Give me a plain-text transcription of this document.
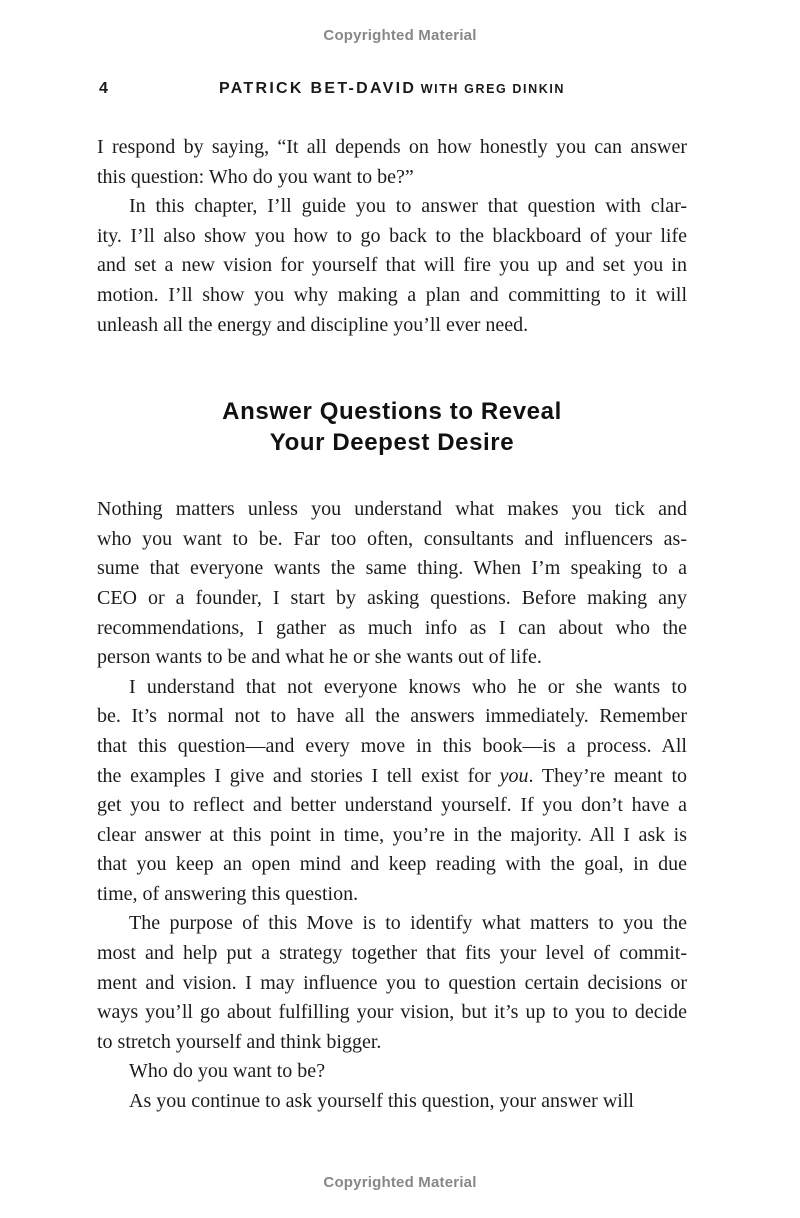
Copyrighted Material
4	PATRICK BET-DAVID WITH GREG DINKIN
I respond by saying, “It all depends on how honestly you can answer
this question: Who do you want to be?”
In this chapter, I’ll guide you to answer that question with clar-
ity. I’ll also show you how to go back to the blackboard of your life
and set a new vision for yourself that will fire you up and set you in
motion. I’ll show you why making a plan and committing to it will
unleash all the energy and discipline you’ll ever need.
Answer Questions to Reveal
Your Deepest Desire
Nothing matters unless you understand what makes you tick and
who you want to be. Far too often, consultants and influencers as-
sume that everyone wants the same thing. When I’m speaking to a
CEO or a founder, I start by asking questions. Before making any
recommendations, I gather as much info as I can about who the
person wants to be and what he or she wants out of life.
I understand that not everyone knows who he or she wants to
be. It’s normal not to have all the answers immediately. Remember
that this question—and every move in this book—is a process. All
the examples I give and stories I tell exist for you. They’re meant to
get you to reflect and better understand yourself. If you don’t have a
clear answer at this point in time, you’re in the majority. All I ask is
that you keep an open mind and keep reading with the goal, in due
time, of answering this question.
The purpose of this Move is to identify what matters to you the
most and help put a strategy together that fits your level of commit-
ment and vision. I may influence you to question certain decisions or
ways you’ll go about fulfilling your vision, but it’s up to you to decide
to stretch yourself and think bigger.
Who do you want to be?
As you continue to ask yourself this question, your answer will
Copyrighted Material
